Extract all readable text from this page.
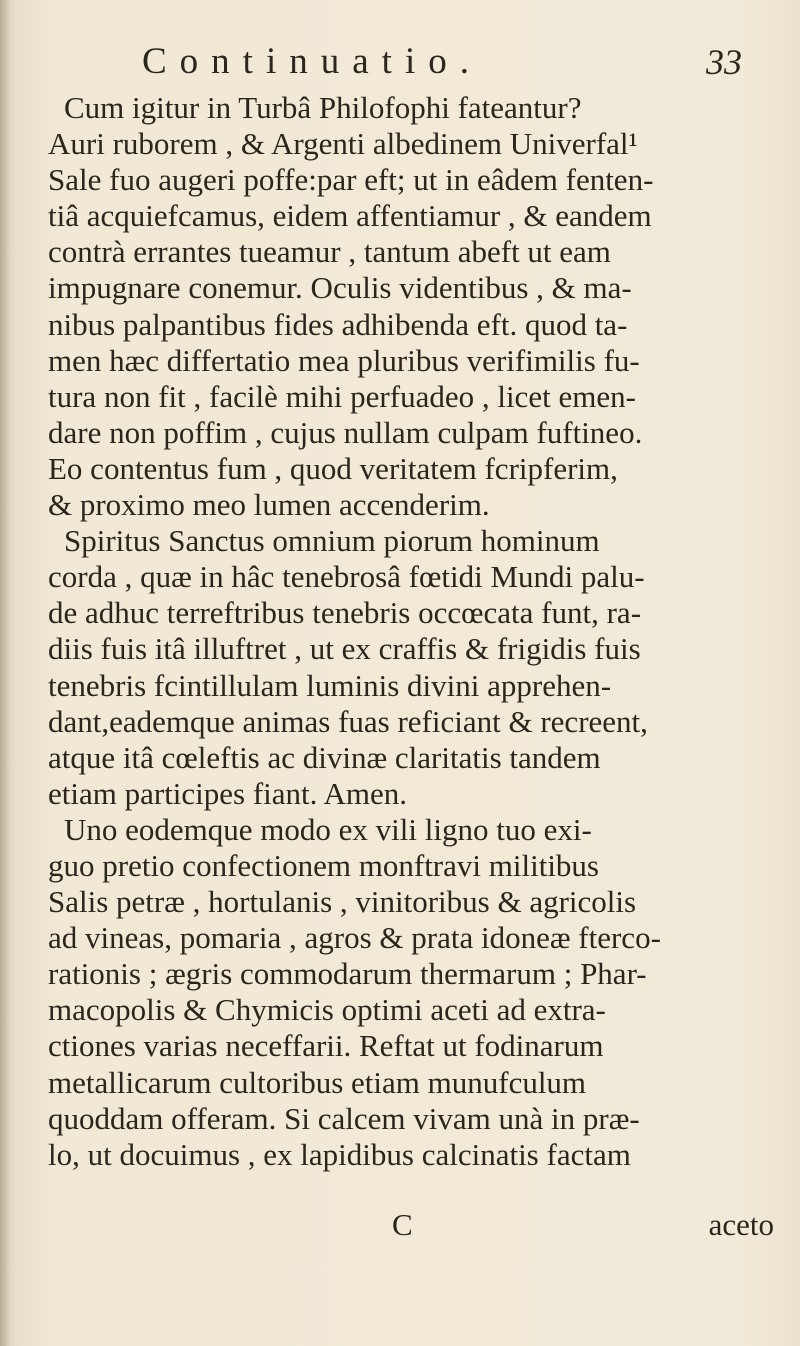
Continuatio.	33
Cum igitur in Turbâ Philofophi fateantur?
Auri ruborem , & Argenti albedinem Univerfal¹
Sale fuo augeri poffe:par eft; ut in eâdem fenten-
tiâ acquiefcamus, eidem affentiamur , & eandem
contrà errantes tueamur , tantum abeft ut eam
impugnare conemur. Oculis videntibus , & ma-
nibus palpantibus fides adhibenda eft. quod ta-
men hæc differtatio mea pluribus verifimilis fu-
tura non fit , facilè mihi perfuadeo , licet emen-
dare non poffim , cujus nullam culpam fuftineo.
Eo contentus fum , quod veritatem fcripferim,
& proximo meo lumen accenderim.
Spiritus Sanctus omnium piorum hominum
corda , quæ in hâc tenebrosâ fœtidi Mundi palu-
de adhuc terreftribus tenebris occœcata funt, ra-
diis fuis itâ illuftret , ut ex craffis & frigidis fuis
tenebris fcintillulam luminis divini apprehen-
dant,eademque animas fuas reficiant & recreent,
atque itâ cœleftis ac divinæ claritatis tandem
etiam participes fiant. Amen.
Uno eodemque modo ex vili ligno tuo exi-
guo pretio confectionem monftravi militibus
Salis petræ , hortulanis , vinitoribus & agricolis
ad vineas, pomaria , agros & prata idoneæ fterco-
rationis ; ægris commodarum thermarum ; Phar-
macopolis & Chymicis optimi aceti ad extra-
ctiones varias neceffarii. Reftat ut fodinarum
metallicarum cultoribus etiam munufculum
quoddam offeram. Si calcem vivam unà in præ-
lo, ut docuimus , ex lapidibus calcinatis factam
C	aceto
